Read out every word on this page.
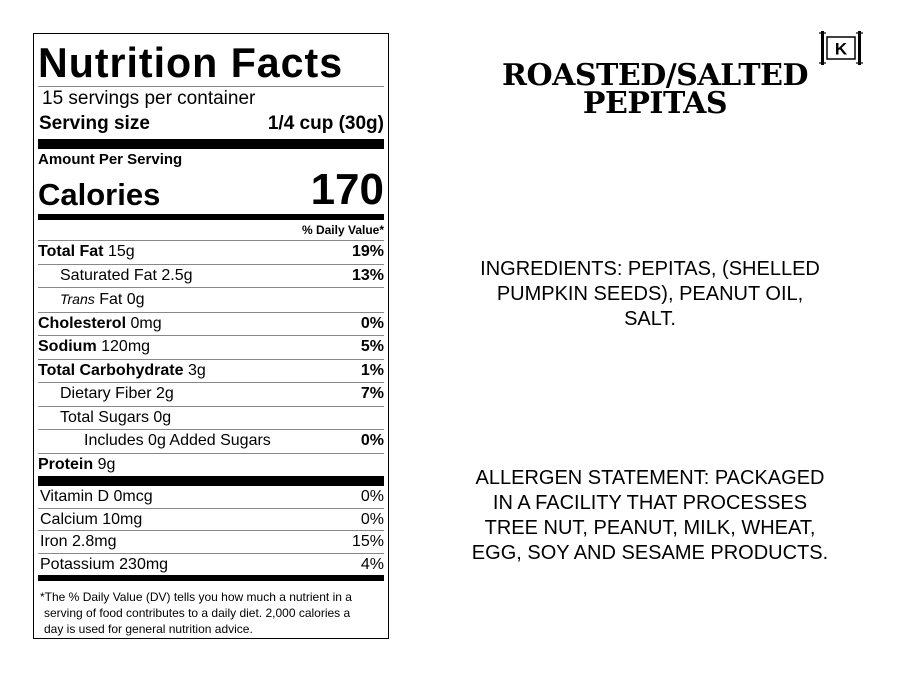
Nutrition Facts
15 servings per container
Serving size	1/4 cup (30g)
Amount Per Serving
Calories	170
% Daily Value*
Total Fat 15g	19%
Saturated Fat 2.5g	13%
Trans Fat 0g
Cholesterol 0mg	0%
Sodium 120mg	5%
Total Carbohydrate 3g	1%
Dietary Fiber 2g	7%
Total Sugars 0g
Includes 0g Added Sugars	0%
Protein 9g
Vitamin D 0mcg	0%
Calcium 10mg	0%
Iron 2.8mg	15%
Potassium 230mg	4%
*The % Daily Value (DV) tells you how much a nutrient in a
serving of food contributes to a daily diet. 2,000 calories a
day is used for general nutrition advice.
ROASTED/SALTED
PEPITAS
K
INGREDIENTS: PEPITAS, (SHELLED
PUMPKIN SEEDS), PEANUT OIL,
SALT.
ALLERGEN STATEMENT: PACKAGED
IN A FACILITY THAT PROCESSES
TREE NUT, PEANUT, MILK, WHEAT,
EGG, SOY AND SESAME PRODUCTS.
